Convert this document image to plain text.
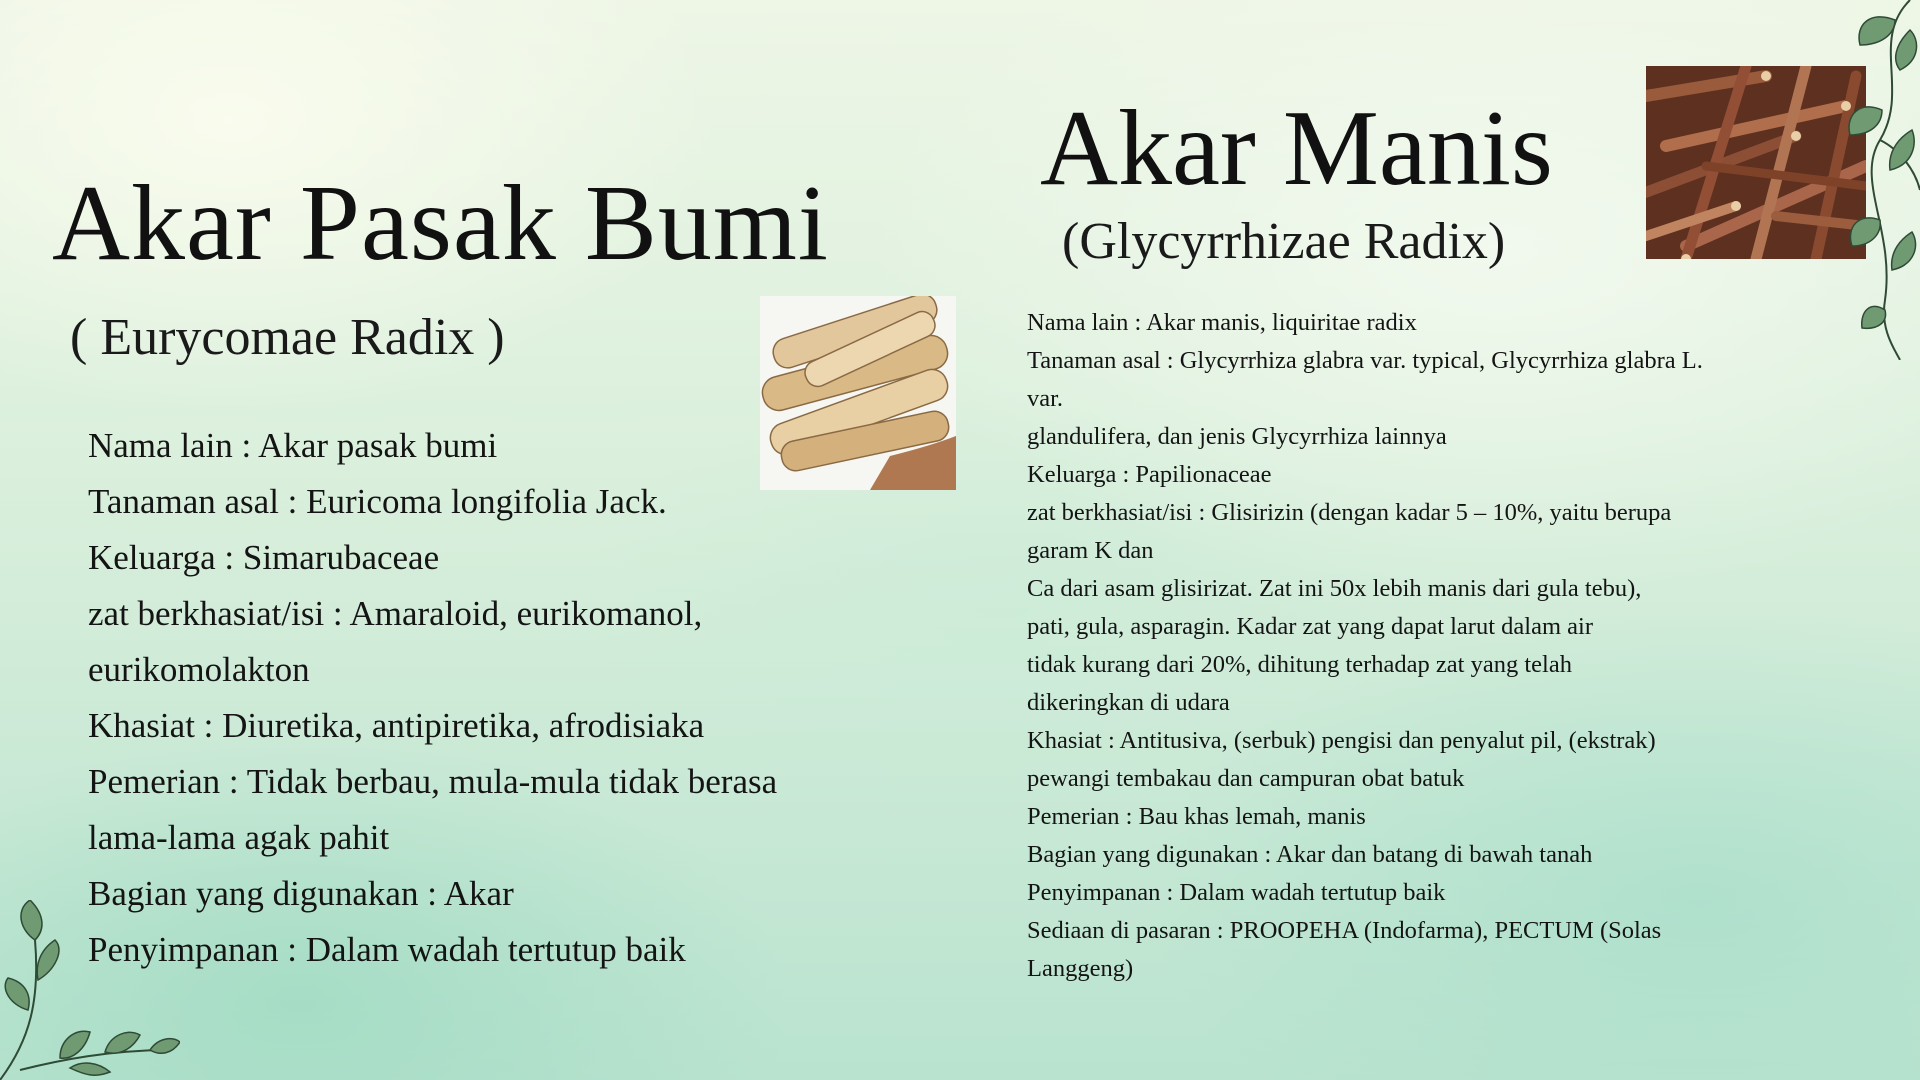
Akar Pasak Bumi
( Eurycomae Radix )
Nama lain : Akar pasak bumi
Tanaman asal : Euricoma longifolia Jack.
Keluarga : Simarubaceae
zat berkhasiat/isi : Amaraloid, eurikomanol,
eurikomolakton
Khasiat : Diuretika, antipiretika, afrodisiaka
Pemerian : Tidak berbau, mula-mula tidak berasa
lama-lama agak pahit
Bagian yang digunakan : Akar
Penyimpanan : Dalam wadah tertutup baik
Akar Manis
(Glycyrrhizae Radix)
Nama lain : Akar manis, liquiritae radix
Tanaman asal : Glycyrrhiza glabra var. typical, Glycyrrhiza glabra L.
var.
glandulifera, dan jenis Glycyrrhiza lainnya
Keluarga : Papilionaceae
zat berkhasiat/isi : Glisirizin (dengan kadar 5 – 10%, yaitu berupa
garam K dan
Ca dari asam glisirizat. Zat ini 50x lebih manis dari gula tebu),
pati, gula, asparagin. Kadar zat yang dapat larut dalam air
tidak kurang dari 20%, dihitung terhadap zat yang telah
dikeringkan di udara
Khasiat : Antitusiva, (serbuk) pengisi dan penyalut pil, (ekstrak)
pewangi tembakau dan campuran obat batuk
Pemerian : Bau khas lemah, manis
Bagian yang digunakan : Akar dan batang di bawah tanah
Penyimpanan : Dalam wadah tertutup baik
Sediaan di pasaran : PROOPEHA (Indofarma), PECTUM (Solas
Langgeng)
